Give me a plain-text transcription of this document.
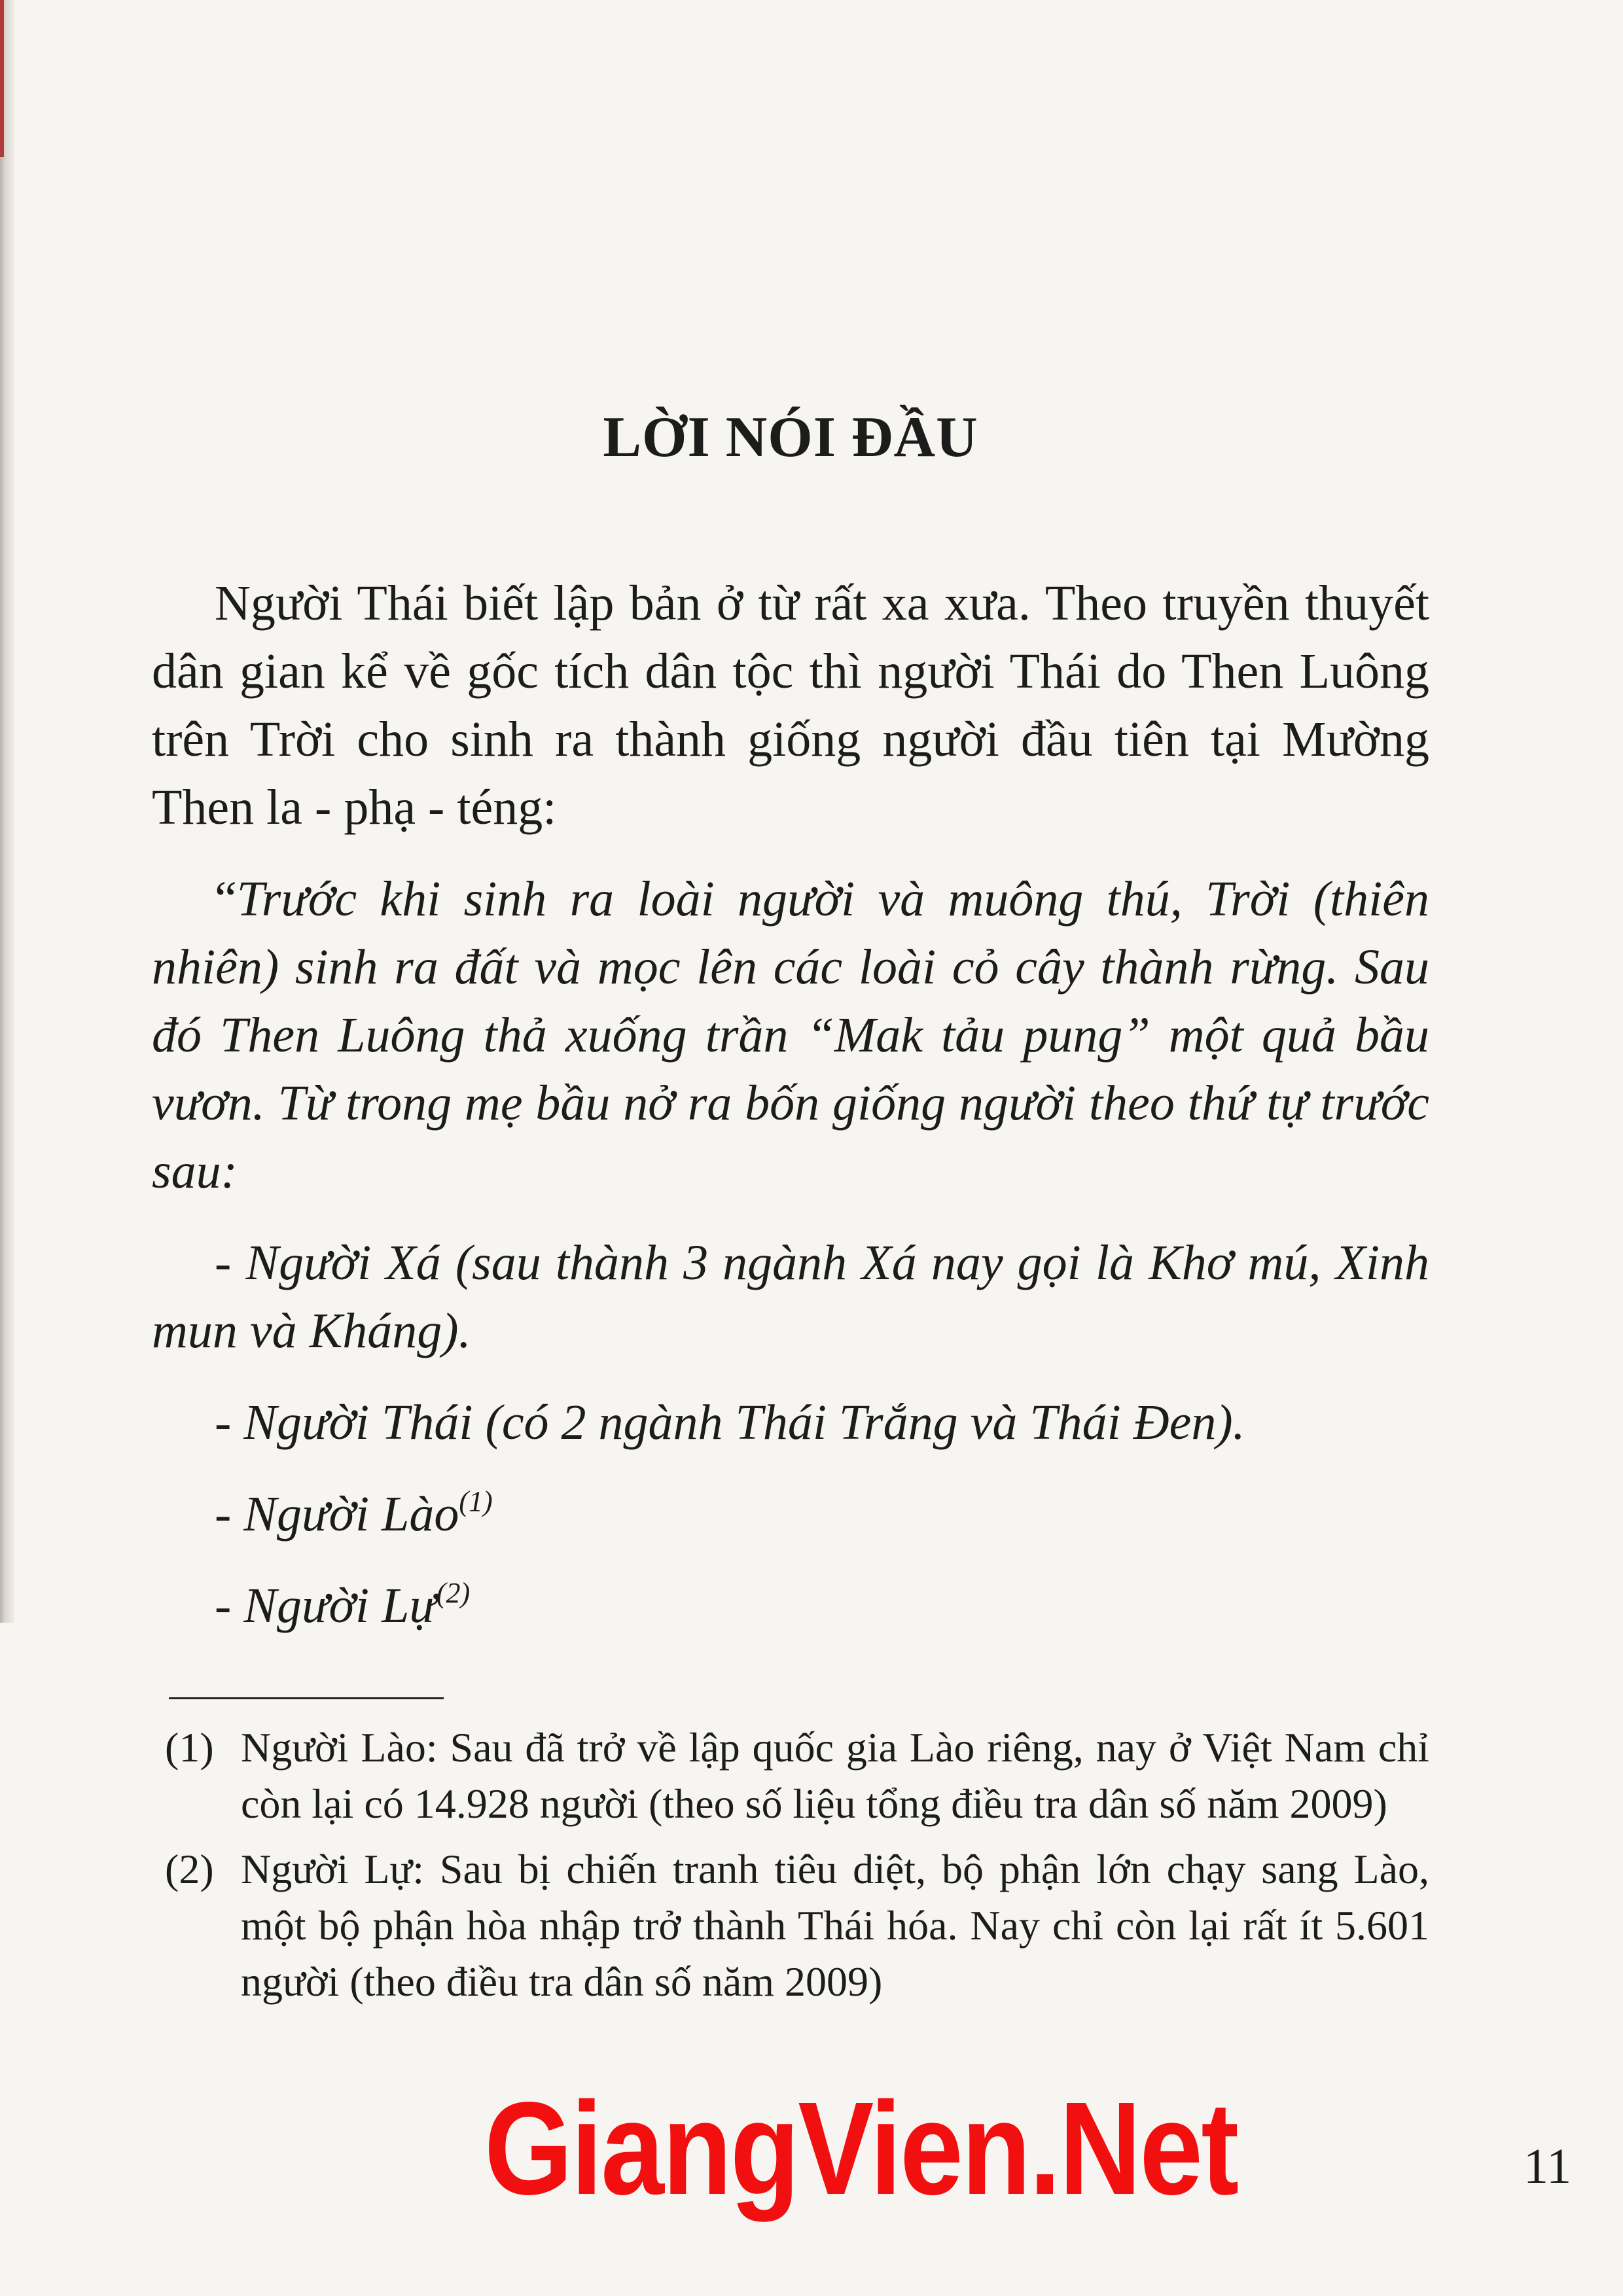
LỜI NÓI ĐẦU

Người Thái biết lập bản ở từ rất xa xưa. Theo truyền thuyết dân gian kể về gốc tích dân tộc thì người Thái do Then Luông trên Trời cho sinh ra thành giống người đầu tiên tại Mường Then la - phạ - téng:

“Trước khi sinh ra loài người và muông thú, Trời (thiên nhiên) sinh ra đất và mọc lên các loài cỏ cây thành rừng. Sau đó Then Luông thả xuống trần “Mak tảu pung” một quả bầu vươn. Từ trong mẹ bầu nở ra bốn giống người theo thứ tự trước sau:

- Người Xá (sau thành 3 ngành Xá nay gọi là Khơ mú, Xinh mun và Kháng).

- Người Thái (có 2 ngành Thái Trắng và Thái Đen).

- Người Lào$^{(1)}$

- Người Lự$^{(2)}$

(1) Người Lào: Sau đã trở về lập quốc gia Lào riêng, nay ở Việt Nam chỉ còn lại có 14.928 người (theo số liệu tổng điều tra dân số năm 2009)
(2) Người Lự: Sau bị chiến tranh tiêu diệt, bộ phận lớn chạy sang Lào, một bộ phận hòa nhập trở thành Thái hóa. Nay chỉ còn lại rất ít 5.601 người (theo điều tra dân số năm 2009)
11
GiangVien.Net
